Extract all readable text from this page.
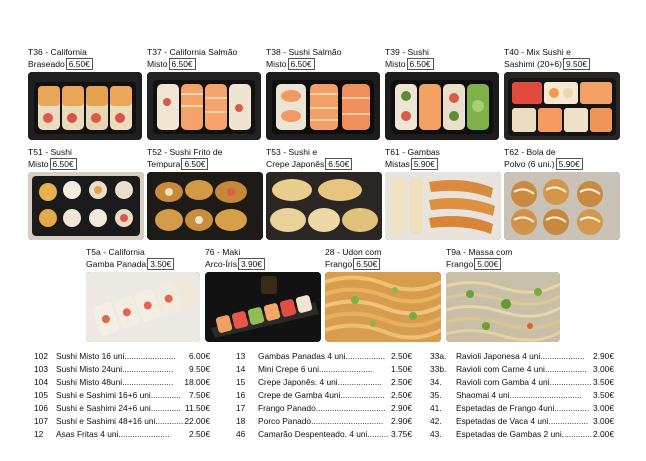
T36 - California
Braseado 6.50€
T37 - California Salmão
Misto 6.50€
T38 - Sushi Salmão
Misto 6.50€
T39 - Sushi
Misto 6.50€
T40 - Mix Sushi e
Sashimi (20+6) 9.50€
T51 - Sushi
Misto 6.50€
T52 - Sushi Frito de
Tempura 6.50€
T53 - Sushi e
Crepe Japonês 6.50€
T61 - Gambas
Mistas 5.90€
T62 - Bola de
Polvo (6 uni.) 5.90€
T5a - California
Gamba Panada 3.50€
76 - Maki
Arco-Íris 3.90€
28 - Udon com
Frango 6.50€
T9a - Massa com
Frango 5.00€
102 Sushi Misto 16 uni......................	6.00€
103 Sushi Misto 24uni......................	9.50€
104 Sushi Misto 48uni......................	18.00€
105 Sushi e Sashimi 16+6 uni............. 7.50€
106 Sushi e Sashimi 24+6 uni............. 11.50€
107 Sushi e Sashimi 48+16 uni............ 22.00€
12	Asas Fritas 4 uni......................	2.50€
13	Gambas Panadas 4 uni................. 2.50€
14	Mini Crepe 6 uni.......................	1.50€
15	Crepe Japonês. 4 uni...................	2.50€
16	Crepe de Gamba 4uni................... 2.50€
17	Frango Panado.............................. 2.90€
18	Porco Panado............................... 2.90€
46	Camarão Despenteado. 4 uni......... 3.75€
33a.	Ravioli Japonesa 4 uni...................	2.90€
33b.	Ravioli com Carne 4 uni.................. 3.00€
34.	Ravioli com Gamba 4 uni.................. 3.50€
35.	Shaomai 4 uni...............................	3.50€
41.	Espetadas de Frango 4uni............... 3.00€
42.	Espetadas de Vaca 4 uni................. 3.00€
43.	Espetadas de Gambas 2 uni............. 2.00€
